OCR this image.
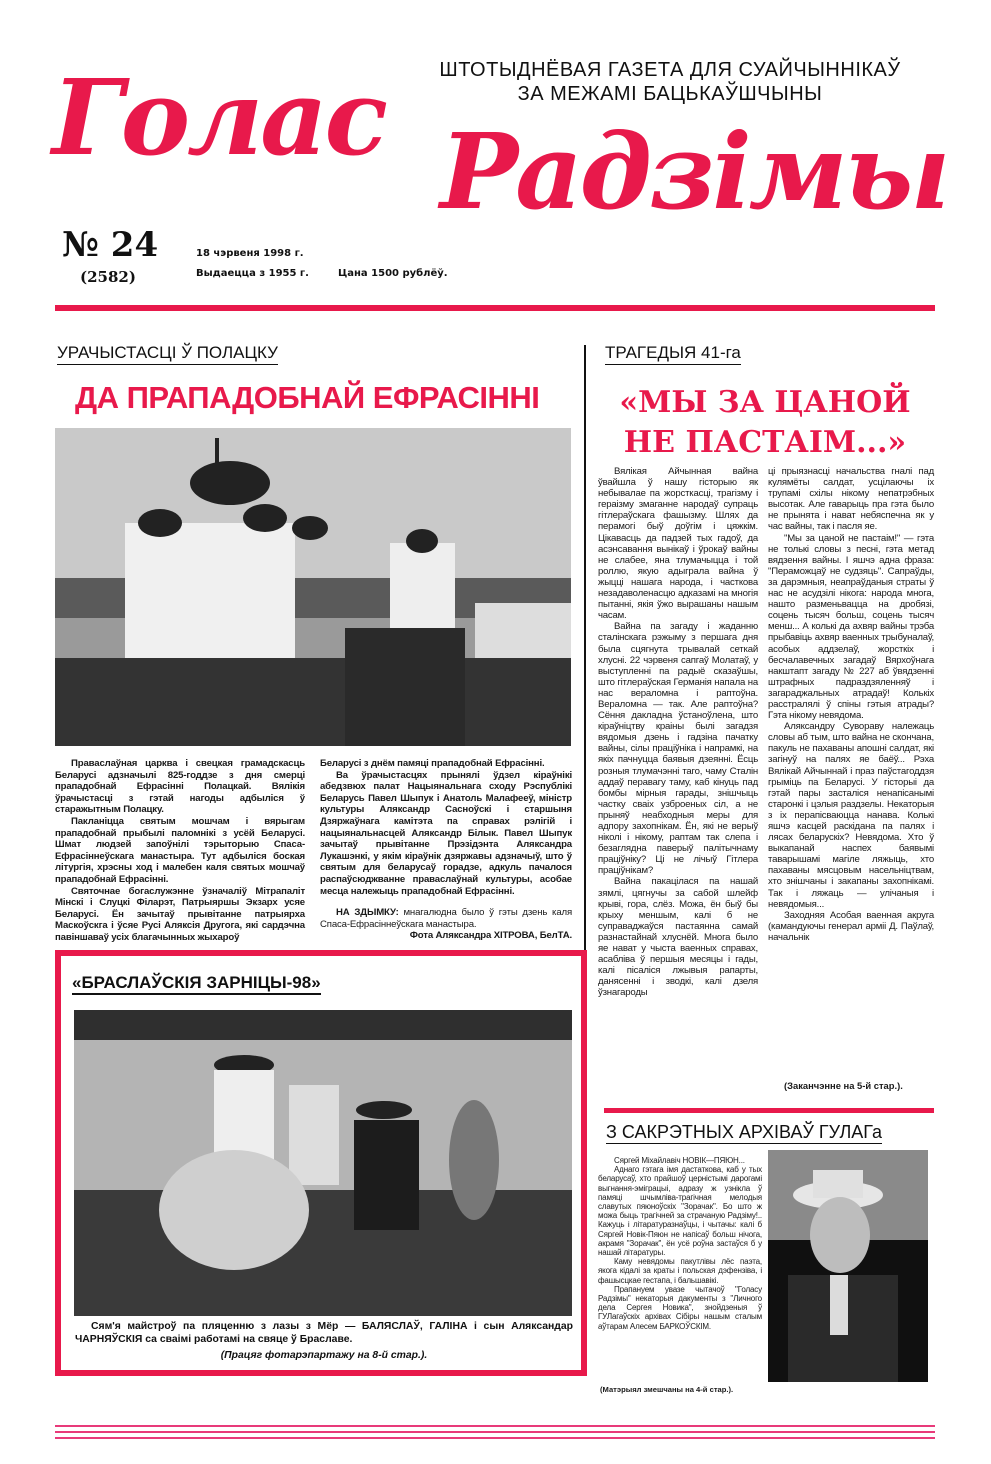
Голас Радзімы
ШТОТЫДНЁВАЯ ГАЗЕТА ДЛЯ СУАЙЧЫННІКАЎ
ЗА МЕЖАМІ БАЦЬКАЎШЧЫНЫ
№ 24
(2582)
18 чэрвеня 1998 г.
Выдаецца з 1955 г.	Цана 1500 рублёў.
УРАЧЫСТАСЦІ Ў ПОЛАЦКУ
ДА ПРАПАДОБНАЙ ЕФРАСІННІ

Праваслаўная царква і свецкая грамадскасць Беларусі адзначылі 825-годдзе з дня смерці прападобнай Ефрасінні Полацкай. Вялікія ўрачыстасці з гэтай нагоды адбыліся ў старажытным Полацку.

Пакланіцца святым мошчам і вярыгам прападобнай прыбылі паломнікі з усёй Беларусі. Шмат людзей запоўнілі тэрыторыю Спаса-Ефрасіннеўскага манастыра. Тут адбыліся боская літургія, хрэсны ход і малебен каля святых мошчаў прападобнай Ефрасінні.

Святочнае богаслужэнне ўзначаліў Мітрапаліт Мінскі і Слуцкі Філарэт, Патрыяршы Экзарх усяе Беларусі. Ён зачытаў прывітанне патрыярха Маскоўскга і ўсяе Русі Аляксія Другога, які сардэчна павіншаваў усіх благачынных жыхароў

Беларусі з днём памяці прападобнай Ефрасінні.

Ва ўрачыстасцях прынялі ўдзел кіраўнікі абедзвюх палат Нацыянальнага сходу Рэспублікі Беларусь Павел Шыпук і Анатоль Малафееў, міністр культуры Аляксандр Сасноўскі і старшыня Дзяржаўнага камітэта па справах рэлігій і нацыянальнасцей Аляксандр Білык. Павел Шыпук зачытаў прывітанне Прэзідэнта Аляксандра Лукашэнкі, у якім кіраўнік дзяржавы адзначыў, што ў святым для беларусаў горадзе, адкуль пачалося распаўсюджванне праваслаўнай культуры, асобае месца належыць прападобнай Ефрасінні.

НА ЗДЫМКУ: мнагалюдна было ў гэты дзень каля Спаса-Ефрасіннеўскага манастыра.

Фота Аляксандра ХІТРОВА, БелТА.
«БРАСЛАЎСКІЯ ЗАРНІЦЫ-98»
Сям'я майстроў па пляценню з лазы з Мёр — БАЛЯСЛАЎ, ГАЛІНА і сын Аляксандар ЧАРНЯЎСКІЯ са сваімі работамі на свяце ў Браславе.
(Працяг фотарэпартажу на 8-й стар.).
ТРАГЕДЫЯ 41-га
«МЫ ЗА ЦАНОЙ НЕ ПАСТАІМ...»

Вялікая Айчынная вайна ўвайшла ў нашу гісторыю як небывалае па жорсткасці, трагізму і гераізму змаганне народаў супраць гітлераўскага фашызму. Шлях да перамогі быў доўгім і цяжкім. Цікавасць да падзей тых гадоў, да асэнсавання вынікаў і ўрокаў вайны не слабее, яна тлумачыцца і той роллю, якую адыграла вайна ў жыцці нашага народа, і часткова незадаволенасцю адказамі на многія пытанні, якія ўжо вырашаны нашым часам.

Вайна па загаду і жаданню сталінскага рэжыму з першага дня была сцягнута трывалай сеткай хлусні. 22 чэрвеня сапгаў Молатаў, у выступленні па радыё сказаўшы, што гітлераўская Германія напала на нас вераломна і раптоўна. Вераломна — так. Але раптоўна? Сёння дакладна ўстаноўлена, што кіраўніцтву краіны былі загадзя вядомыя дзень і гадзіна пачатку вайны, сілы праціўніка і напрамкі, на якіх пачнуцца баявыя дзеянні. Ёсць розныя тлумачэнні таго, чаму Сталін аддаў перавагу таму, каб кінуць пад бомбы мірныя гарады, знішчыць частку сваіх узброеных сіл, а не прыняў неабходныя меры для адпору захопнікам. Ён, які не верыў ніколі і нікому, раптам так слепа і безаглядна паверыў палітычнаму праціўніку? Ці не лічыў Гітлера праціўнікам?

Вайна пакацілася па нашай зямлі, цягнучы за сабой шлейф крыві, гора, слёз. Можа, ён быў бы крыху меншым, калі б не суправаджаўся пастаянна самай разнастайнай хлуснёй. Многа было яе нават у чыста ваенных справах, асабліва ў першыя месяцы і гады, калі пісаліся лжывыя рапарты, данясенні і зводкі, калі дзеля ўзнагароды

ці прыязнасці начальства гналі пад кулямёты салдат, усцілаючы іх трупамі схілы нікому непатрэбных высотак. Але гаварыць пра гэта было не прынята і нават небяспечна як у час вайны, так і пасля яе.

"Мы за цаной не пастаім!" — гэта не толькі словы з песні, гэта метад вядзення вайны. І яшчэ адна фраза: "Пераможцаў не судзяць". Сапраўды, за дарэмныя, неапраўданыя страты ў нас не асудзілі нікога: народа многа, нашто разменьвацца на дробязі, соцень тысяч больш, соцень тысяч менш... А колькі да ахвяр вайны трэба прыбавіць ахвяр ваенных трыбуналаў, асобых аддзелаў, жорсткіх і бесчалавечных загадаў Вярхоўнага накштапт загаду № 227 аб ўвядзенні штрафных падраздзяленняў і загараджальных атрадаў! Колькіх расстралялі ў спіны гэтыя атрады? Гэта нікому невядома.

Аляксандру Сувораву належаць словы аб тым, што вайна не скончана, пакуль не пахаваны апошні салдат, які загінуў на палях яе баёў... Рэха Вялікай Айчыннай і праз паўстагоддзя грыміць па Беларусі. У гісторыі да гэтай пары засталіся ненапісанымі старонкі і цэлыя раздзелы. Некаторыя з іх перапісваюцца нанава. Колькі яшчэ касцей раскідана па палях і лясах беларускіх? Невядома. Хто ў выкапанай наспех баявымі таварышамі магіле ляжыць, хто пахаваны мясцовым насельніцтвам, хто знішчаны і закапаны захопнікамі. Так і ляжаць — улічаныя і невядомыя...

Заходняя Асобая ваенная акруга (камандуючы генерал арміі Д. Паўлаў, начальнік

(Заканчэнне на 5-й стар.).
З САКРЭТНЫХ АРХІВАЎ ГУЛАГа

Сяргей Міхайлавіч НОВІК—ПЯЮН...

Аднаго гэтага імя дастаткова, каб у тых беларусаў, хто прайшоў церністымі дарогамі выгнання-эміграцыі, адразу ж узнікла ў памяці шчымліва-трагічная мелодыя славутых пяюноўскіх "Зорачак". Бо што ж можа быць трагічней за страчаную Радзіму!.. Кажуць і літаратуразнаўцы, і чытачы: калі б Сяргей Новік-Пяюн не напісаў больш нічога, акрамя "Зорачак", ён усё роўна застаўся б у нашай літаратуры.

Каму невядомы пакутлівы лёс паэта, якога кідалі за краты і польская дэфензіва, і фашысцкае гестапа, і бальшавікі.

Прапануем увазе чытачоў "Голасу Радзімы" некаторыя дакументы з "Личного дела Сергея Новика", знойдзеныя ў ГУЛагаўскіх архівах Сібіры нашым сталым аўтарам Алесем БАРКОЎСКІМ.

(Матэрыял змешчаны на 4-й стар.).
